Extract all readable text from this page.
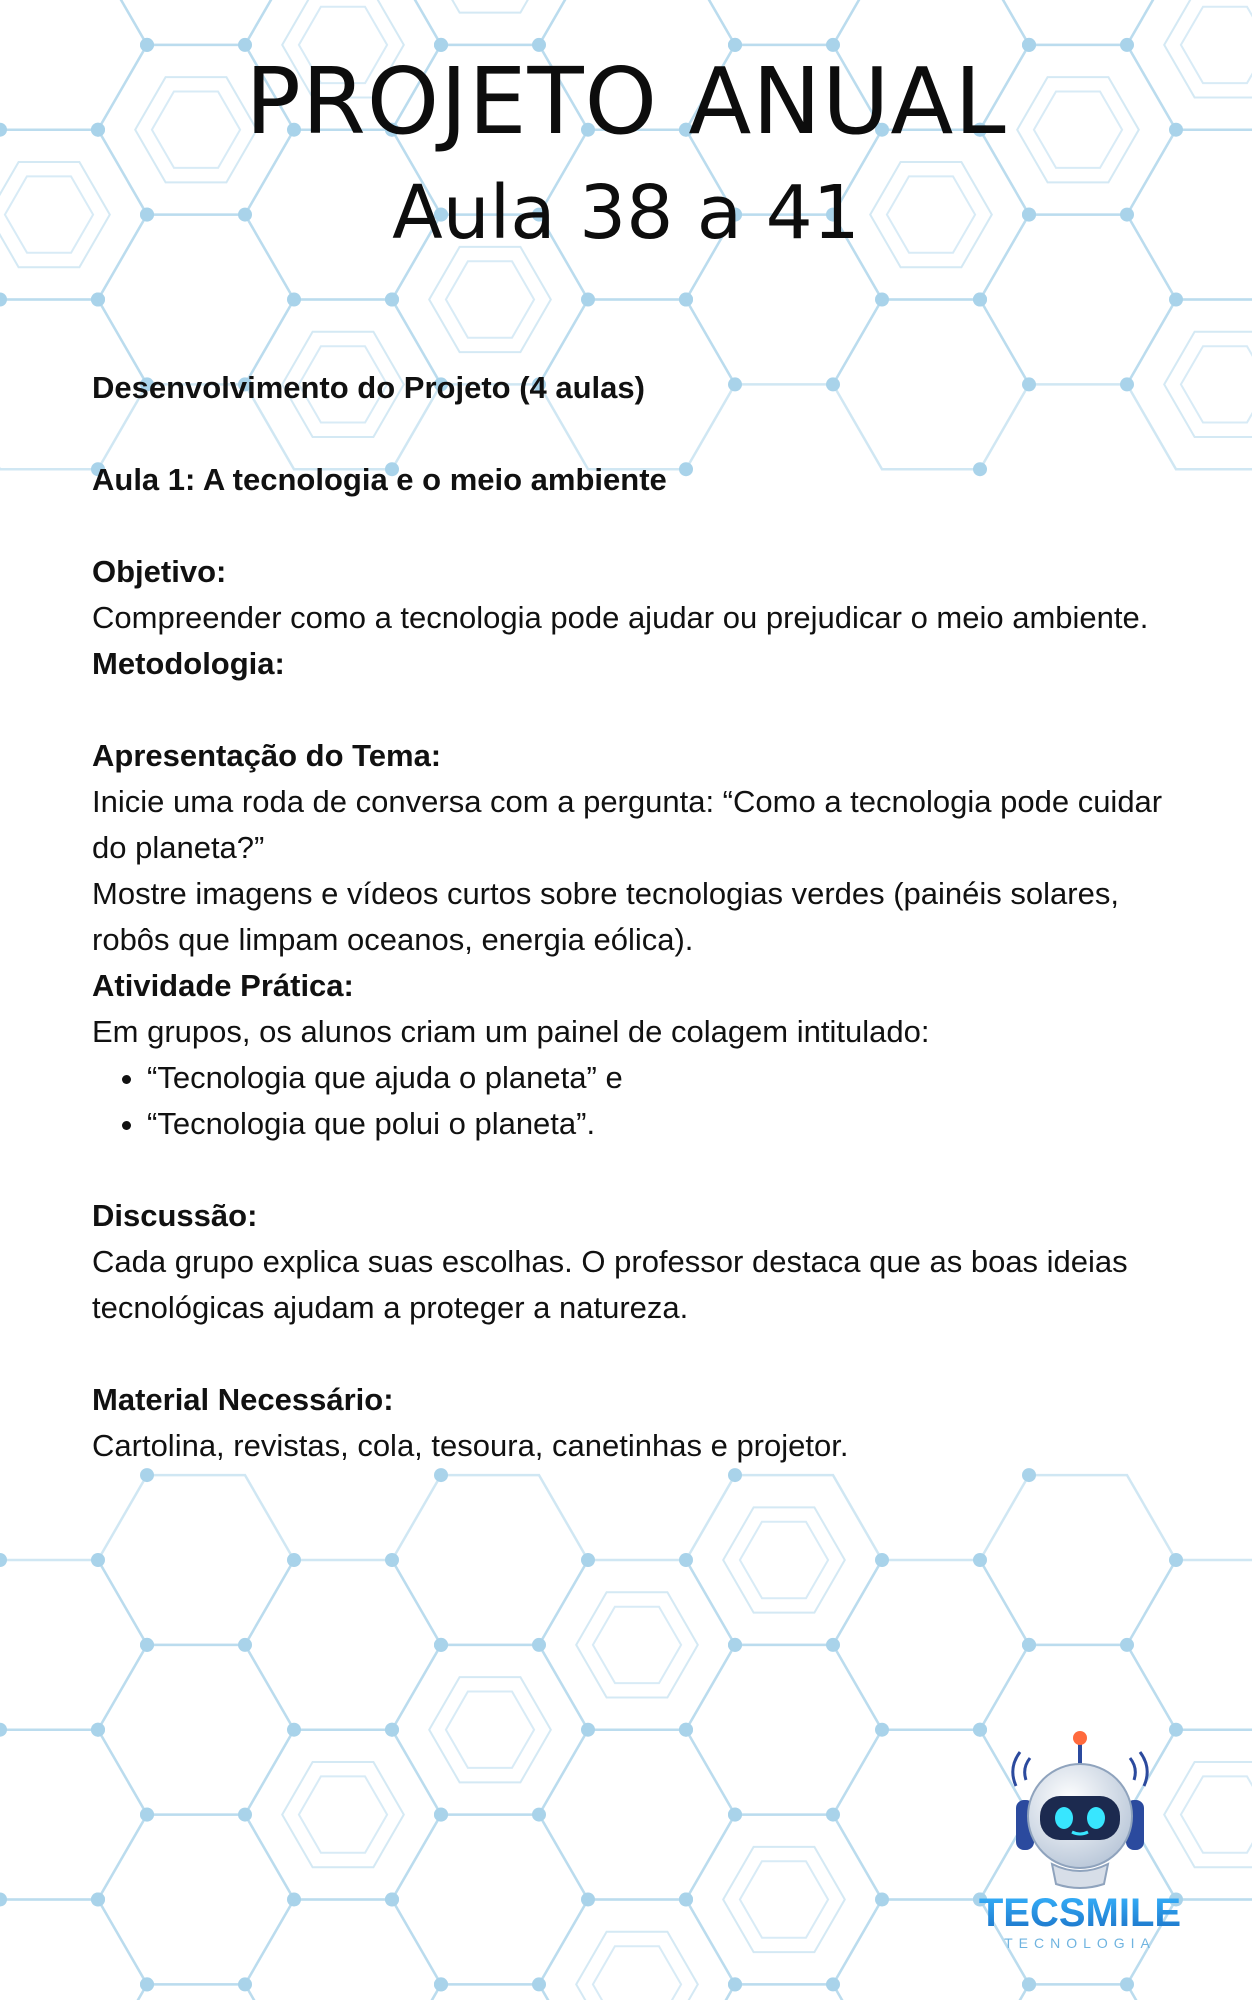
PROJETO ANUAL
Aula 38 a 41

Desenvolvimento do Projeto (4 aulas)

Aula 1: A tecnologia e o meio ambiente

Objetivo:

Compreender como a tecnologia pode ajudar ou prejudicar o meio ambiente.

Metodologia:

Apresentação do Tema:

Inicie uma roda de conversa com a pergunta: “Como a tecnologia pode cuidar do planeta?”

Mostre imagens e vídeos curtos sobre tecnologias verdes (painéis solares, robôs que limpam oceanos, energia eólica).

Atividade Prática:

Em grupos, os alunos criam um painel de colagem intitulado:

• “Tecnologia que ajuda o planeta” e
• “Tecnologia que polui o planeta”.

Discussão:

Cada grupo explica suas escolhas. O professor destaca que as boas ideias tecnológicas ajudam a proteger a natureza.

Material Necessário:

Cartolina, revistas, cola, tesoura, canetinhas e projetor.

TECSMILE
TECNOLOGIA
